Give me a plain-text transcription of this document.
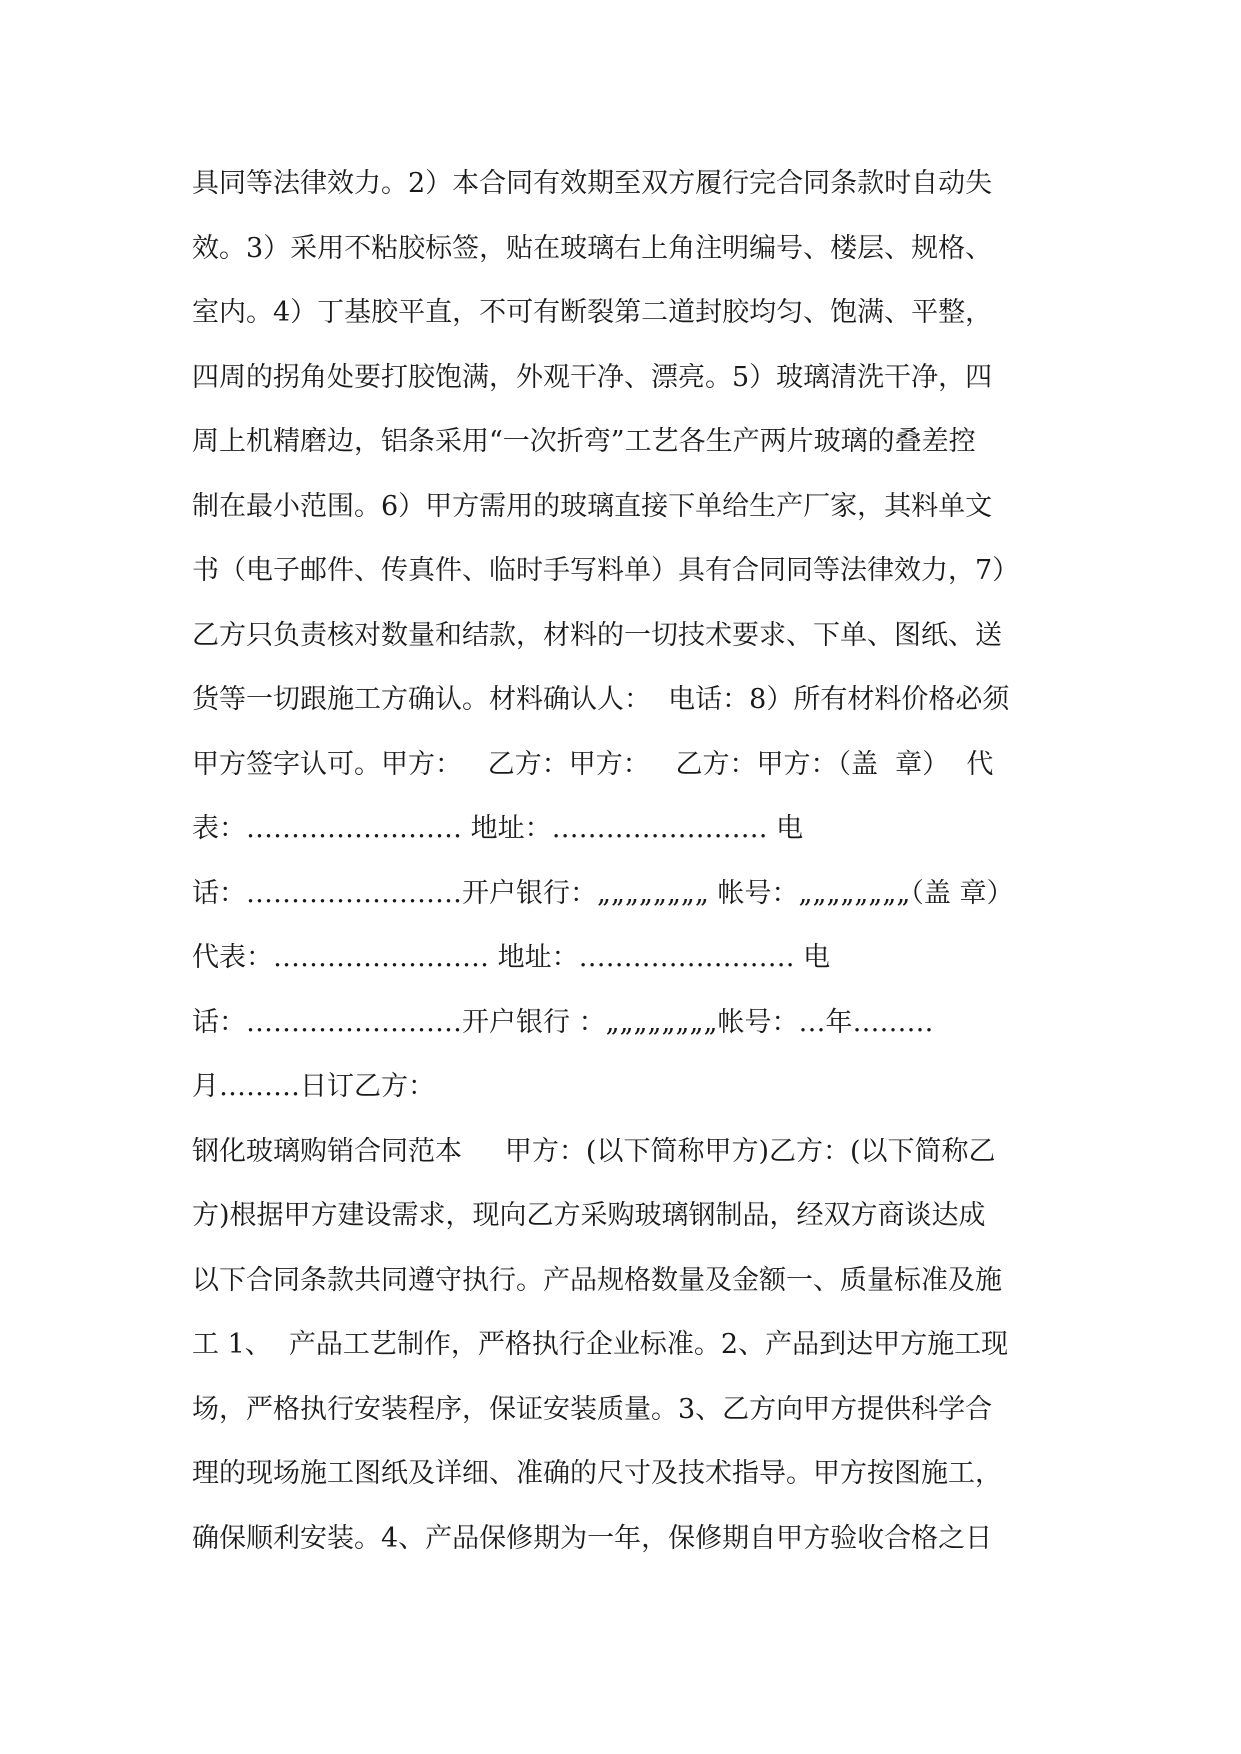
具同等法律效力。2）本合同有效期至双方履行完合同条款时自动失
效。3）采用不粘胶标签，贴在玻璃右上角注明编号、楼层、规格、
室内。4）丁基胶平直，不可有断裂第二道封胶均匀、饱满、平整，
四周的拐角处要打胶饱满，外观干净、漂亮。5）玻璃清洗干净，四
周上机精磨边，铝条采用“一次折弯”工艺各生产两片玻璃的叠差控
制在最小范围。6）甲方需用的玻璃直接下单给生产厂家，其料单文
书（电子邮件、传真件、临时手写料单）具有合同同等法律效力，7）
乙方只负责核对数量和结款，材料的一切技术要求、下单、图纸、送
货等一切跟施工方确认。材料确认人：  电话：8）所有材料价格必须
甲方签字认可。甲方：   乙方：甲方：   乙方：甲方：（盖  章）  代
表：…………………… 地址：…………………… 电
话：……………………开户银行：„„„„„„„„ 帐号：„„„„„„„„（盖 章）
代表：…………………… 地址：…………………… 电
话：……………………开户银行 ：„„„„„„„„帐号：…年………
月………日订乙方：
钢化玻璃购销合同范本     甲方：(以下简称甲方)乙方：(以下简称乙
方)根据甲方建设需求，现向乙方采购玻璃钢制品，经双方商谈达成
以下合同条款共同遵守执行。产品规格数量及金额一、质量标准及施
工 1、  产品工艺制作，严格执行企业标准。2、产品到达甲方施工现
场，严格执行安装程序，保证安装质量。3、乙方向甲方提供科学合
理的现场施工图纸及详细、准确的尺寸及技术指导。甲方按图施工，
确保顺利安装。4、产品保修期为一年，保修期自甲方验收合格之日
